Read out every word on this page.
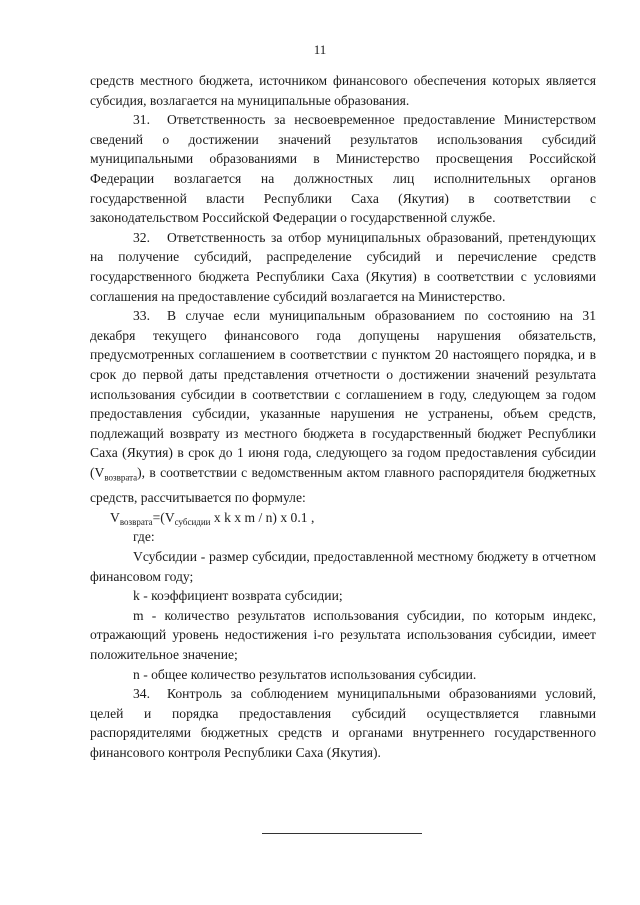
11

средств местного бюджета, источником финансового обеспечения которых является субсидия, возлагается на муниципальные образования.

31. Ответственность за несвоевременное предоставление Министерством сведений о достижении значений результатов использования субсидий муниципальными образованиями в Министерство просвещения Российской Федерации возлагается на должностных лиц исполнительных органов государственной власти Республики Саха (Якутия) в соответствии с законодательством Российской Федерации о государственной службе.

32. Ответственность за отбор муниципальных образований, претендующих на получение субсидий, распределение субсидий и перечисление средств государственного бюджета Республики Саха (Якутия) в соответствии с условиями соглашения на предоставление субсидий возлагается на Министерство.

33. В случае если муниципальным образованием по состоянию на 31 декабря текущего финансового года допущены нарушения обязательств, предусмотренных соглашением в соответствии с пунктом 20 настоящего порядка, и в срок до первой даты представления отчетности о достижении значений результата использования субсидии в соответствии с соглашением в году, следующем за годом предоставления субсидии, указанные нарушения не устранены, объем средств, подлежащий возврату из местного бюджета в государственный бюджет Республики Саха (Якутия) в срок до 1 июня года, следующего за годом предоставления субсидии $(V_{возврата})$, в соответствии с ведомственным актом главного распорядителя бюджетных средств, рассчитывается по формуле:

$V_{возврата}=(V_{субсидии}$ x k x m / n) x 0.1 ,

где:

Vсубсидии - размер субсидии, предоставленной местному бюджету в отчетном финансовом году;

k - коэффициент возврата субсидии;

m - количество результатов использования субсидии, по которым индекс, отражающий уровень недостижения i-го результата использования субсидии, имеет положительное значение;

n - общее количество результатов использования субсидии.

34. Контроль за соблюдением муниципальными образованиями условий, целей и порядка предоставления субсидий осуществляется главными распорядителями бюджетных средств и органами внутреннего государственного финансового контроля Республики Саха (Якутия).
